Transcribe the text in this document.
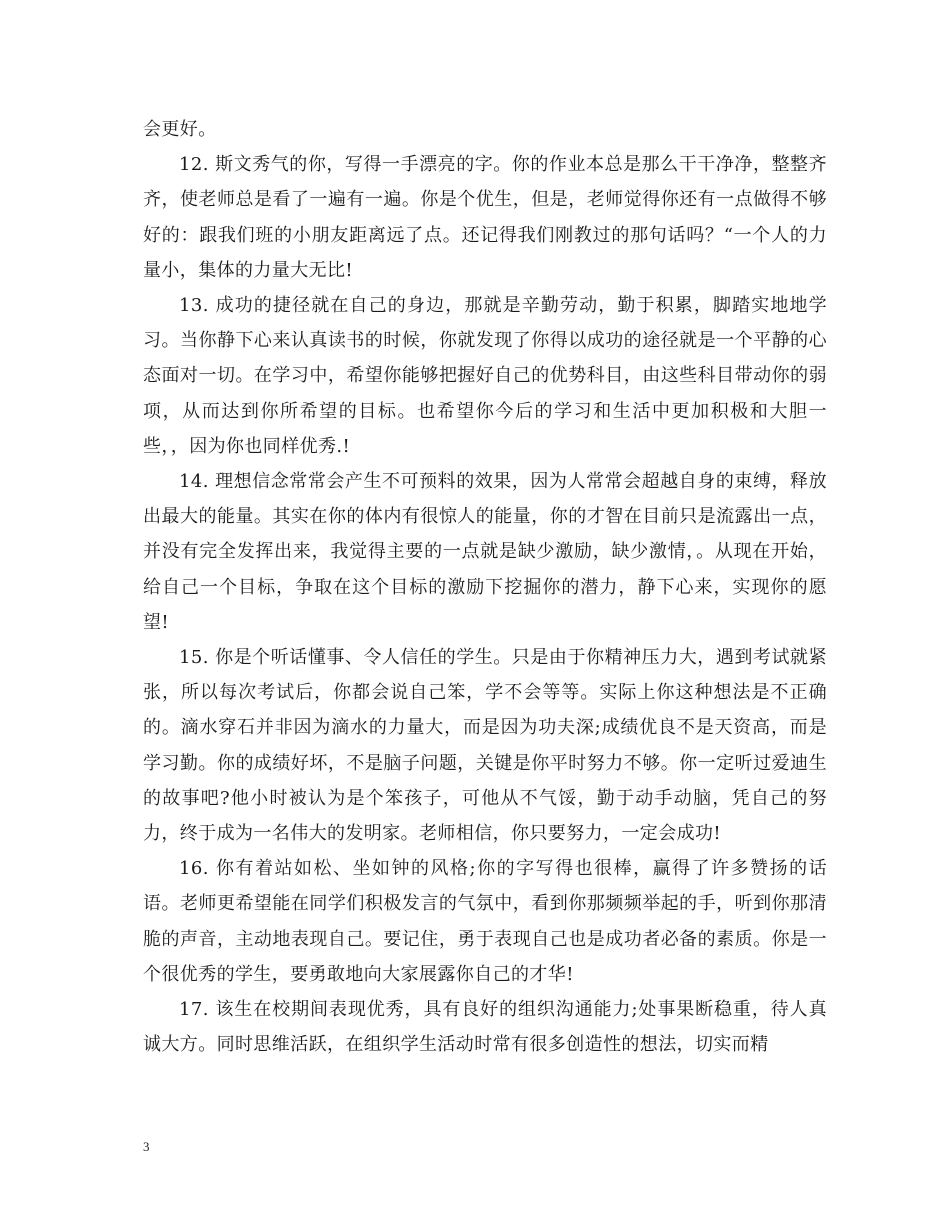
会更好。

12. 斯文秀气的你，写得一手漂亮的字。你的作业本总是那么干干净净，整整齐齐，使老师总是看了一遍有一遍。你是个优生，但是，老师觉得你还有一点做得不够好的：跟我们班的小朋友距离远了点。还记得我们刚教过的那句话吗？“一个人的力量小，集体的力量大无比!

13. 成功的捷径就在自己的身边，那就是辛勤劳动，勤于积累，脚踏实地地学习。当你静下心来认真读书的时候，你就发现了你得以成功的途径就是一个平静的心态面对一切。在学习中，希望你能够把握好自己的优势科目，由这些科目带动你的弱项，从而达到你所希望的目标。也希望你今后的学习和生活中更加积极和大胆一些，，因为你也同样优秀.!

14. 理想信念常常会产生不可预料的效果，因为人常常会超越自身的束缚，释放出最大的能量。其实在你的体内有很惊人的能量，你的才智在目前只是流露出一点，并没有完全发挥出来，我觉得主要的一点就是缺少激励，缺少激情，。从现在开始，给自己一个目标，争取在这个目标的激励下挖掘你的潜力，静下心来，实现你的愿望!

15. 你是个听话懂事、令人信任的学生。只是由于你精神压力大，遇到考试就紧张，所以每次考试后，你都会说自己笨，学不会等等。实际上你这种想法是不正确的。滴水穿石并非因为滴水的力量大，而是因为功夫深;成绩优良不是天资高，而是学习勤。你的成绩好坏，不是脑子问题，关键是你平时努力不够。你一定听过爱迪生的故事吧?他小时被认为是个笨孩子，可他从不气馁，勤于动手动脑，凭自己的努力，终于成为一名伟大的发明家。老师相信，你只要努力，一定会成功!

16. 你有着站如松、坐如钟的风格;你的字写得也很棒，赢得了许多赞扬的话语。老师更希望能在同学们积极发言的气氛中，看到你那频频举起的手，听到你那清脆的声音，主动地表现自己。要记住，勇于表现自己也是成功者必备的素质。你是一个很优秀的学生，要勇敢地向大家展露你自己的才华!

17. 该生在校期间表现优秀，具有良好的组织沟通能力;处事果断稳重，待人真诚大方。同时思维活跃，在组织学生活动时常有很多创造性的想法，切实而精

3
